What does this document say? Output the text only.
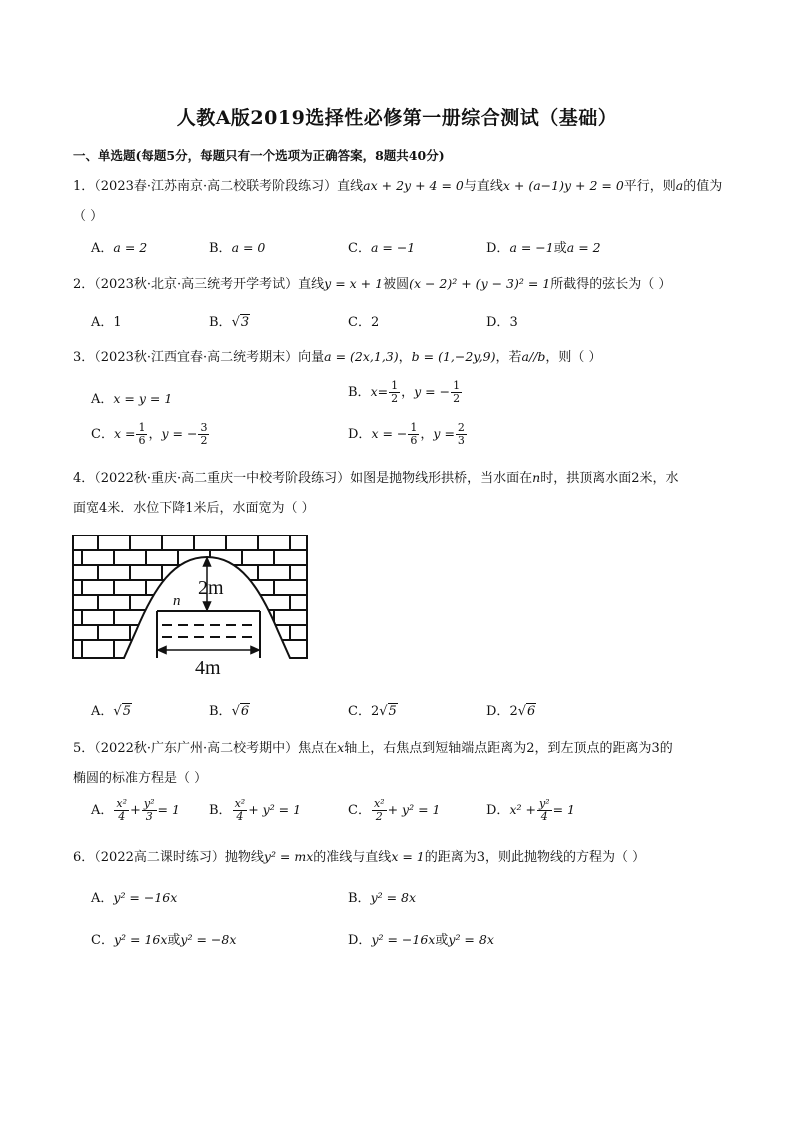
人教A版2019选择性必修第一册综合测试（基础）
一、单选题(每题5分，每题只有一个选项为正确答案，8题共40分)
1．（2023春·江苏南京·高二校联考阶段练习）直线ax + 2y + 4 = 0与直线x + (a−1)y + 2 = 0平行，则a的值为
（ ）
A．a = 2	B．a = 0	C．a = −1	D．a = −1或a = 2
2．（2023秋·北京·高三统考开学考试）直线y = x + 1被圆(x − 2)² + (y − 3)² = 1所截得的弦长为（ ）
A．1	B．√3	C．2	D．3
3．（2023秋·江西宜春·高二统考期末）向量a = (2x,1,3)，b = (1,−2y,9)，若a//b，则（ ）
A．x = y = 1	B．$x= \frac{1}{2}$ ，y = − $\frac{1}{2}$
C．$x = \frac{1}{6}$ ，y = − $\frac{3}{2}$	D．x = − $\frac{1}{6}$ ，$y = \frac{2}{3}$
4．（2022秋·重庆·高二重庆一中校考阶段练习）如图是抛物线形拱桥，当水面在n时，拱顶离水面2米，水
面宽4米．水位下降1米后，水面宽为（ ）
2m
4m
n
A．√5	B．√6	C．2√5	D．2√6
5．（2022秋·广东广州·高二校考期中）焦点在x轴上，右焦点到短轴端点距离为2，到左顶点的距离为3的
椭圆的标准方程是（ ）
A． $\frac{\text{x²}}{4} + \frac{\text{y²}}{3} = 1$ B． $\frac{\text{x²}}{4} + y^2 = 1$	C． $\frac{\text{x²}}{2} + y^2 = 1$	D．$x^2 + \frac{\text{y²}}{4} = 1$
6．（2022高二课时练习）抛物线y² = mx的准线与直线x = 1的距离为3，则此抛物线的方程为（ ）
A．y² = −16x	B．y² = 8x
C．y² = 16x或y² = −8x	D．y² = −16x或y² = 8x
